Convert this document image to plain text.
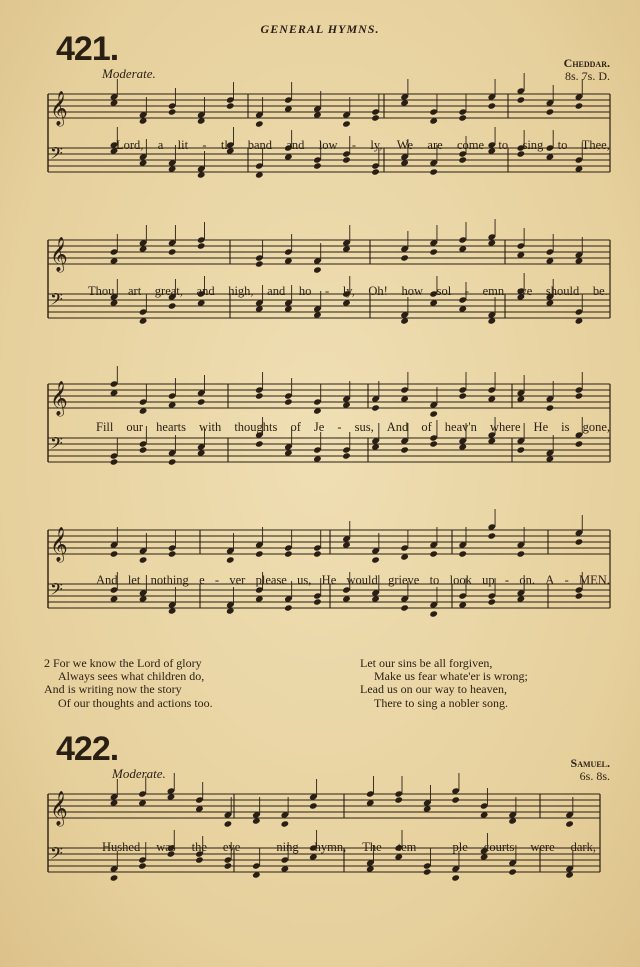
GENERAL HYMNS.
421.
Moderate.
Cheddar.
8s. 7s. D.
𝄞
𝄢	Lord, a lit - tle band and low - ly, We are come to sing to Thee,
𝄞
𝄢 Thou art great, and high, and ho - ly, Oh! how sol - emn we should be.
𝄞
𝄢
Fill our hearts with thoughts of Je - sus, And of heav'n where He is gone,
𝄞
𝄢	And let nothing e - ver please us, He would grieve to look up - on. A - MEN.
2 For we know the Lord of glory
Always sees what children do,
And is writing now the story
Of our thoughts and actions too.
Let our sins be all forgiven,
Make us fear whate'er is wrong;
Lead us on our way to heaven,
There to sing a nobler song.
422.
Moderate.
Samuel.
6s. 8s.
𝄞
𝄢	Hushed was the eve - ning hymn, The tem - ple courts were dark,
